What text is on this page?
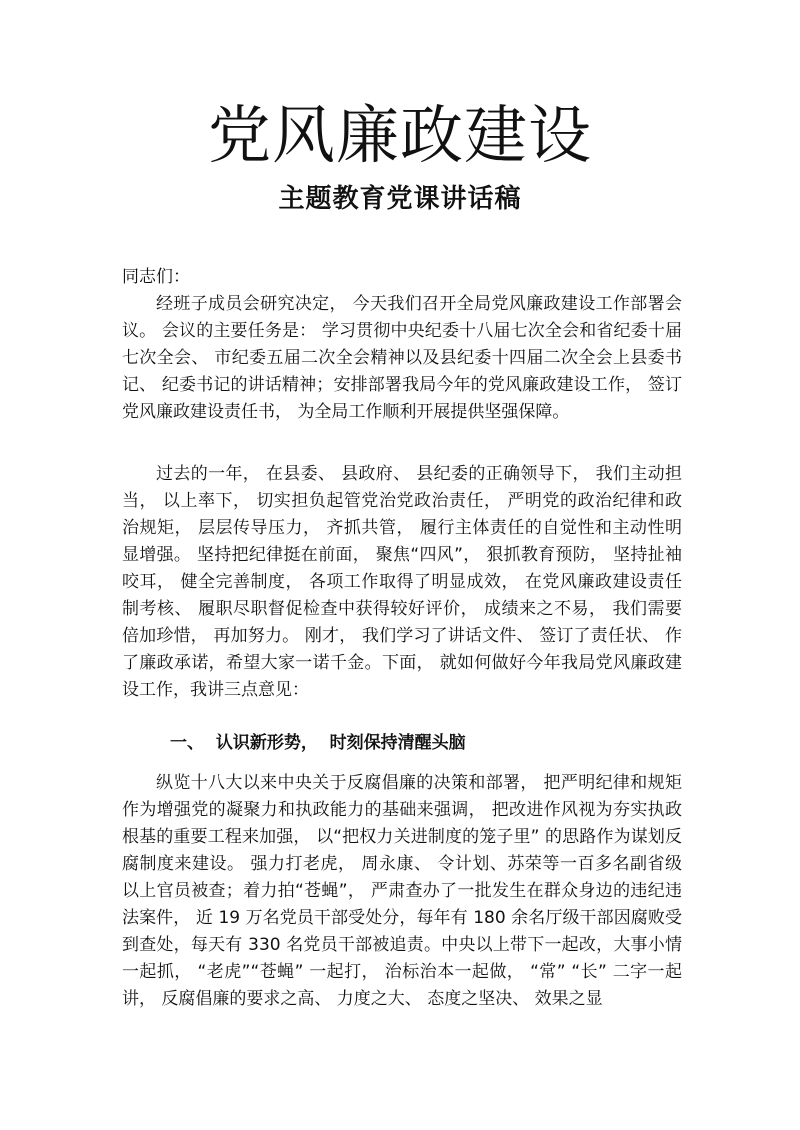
党风廉政建设
主题教育党课讲话稿

同志们：

经班子成员会研究决定， 今天我们召开全局党风廉政建设工作部署会议。 会议的主要任务是： 学习贯彻中央纪委十八届七次全会和省纪委十届七次全会、 市纪委五届二次全会精神以及县纪委十四届二次全会上县委书记、 纪委书记的讲话精神；安排部署我局今年的党风廉政建设工作， 签订党风廉政建设责任书， 为全局工作顺利开展提供坚强保障。

过去的一年， 在县委、 县政府、 县纪委的正确领导下， 我们主动担当， 以上率下， 切实担负起管党治党政治责任， 严明党的政治纪律和政治规矩， 层层传导压力， 齐抓共管， 履行主体责任的自觉性和主动性明显增强。 坚持把纪律挺在前面， 聚焦“四风”， 狠抓教育预防， 坚持扯袖咬耳， 健全完善制度， 各项工作取得了明显成效， 在党风廉政建设责任制考核、 履职尽职督促检查中获得较好评价， 成绩来之不易， 我们需要倍加珍惜， 再加努力。 刚才， 我们学习了讲话文件、 签订了责任状、 作了廉政承诺，希望大家一诺千金。下面， 就如何做好今年我局党风廉政建设工作，我讲三点意见：

一、  认识新形势，  时刻保持清醒头脑

纵览十八大以来中央关于反腐倡廉的决策和部署， 把严明纪律和规矩作为增强党的凝聚力和执政能力的基础来强调， 把改进作风视为夯实执政根基的重要工程来加强， 以“把权力关进制度的笼子里” 的思路作为谋划反腐制度来建设。 强力打老虎， 周永康、 令计划、苏荣等一百多名副省级以上官员被查；着力拍“苍蝇”， 严肃查办了一批发生在群众身边的违纪违法案件， 近 19 万名党员干部受处分，每年有 180 余名厅级干部因腐败受到查处，每天有 330 名党员干部被追责。中央以上带下一起改，大事小情一起抓， “老虎”“苍蝇” 一起打， 治标治本一起做， “常” “长” 二字一起讲， 反腐倡廉的要求之高、 力度之大、 态度之坚决、 效果之显
